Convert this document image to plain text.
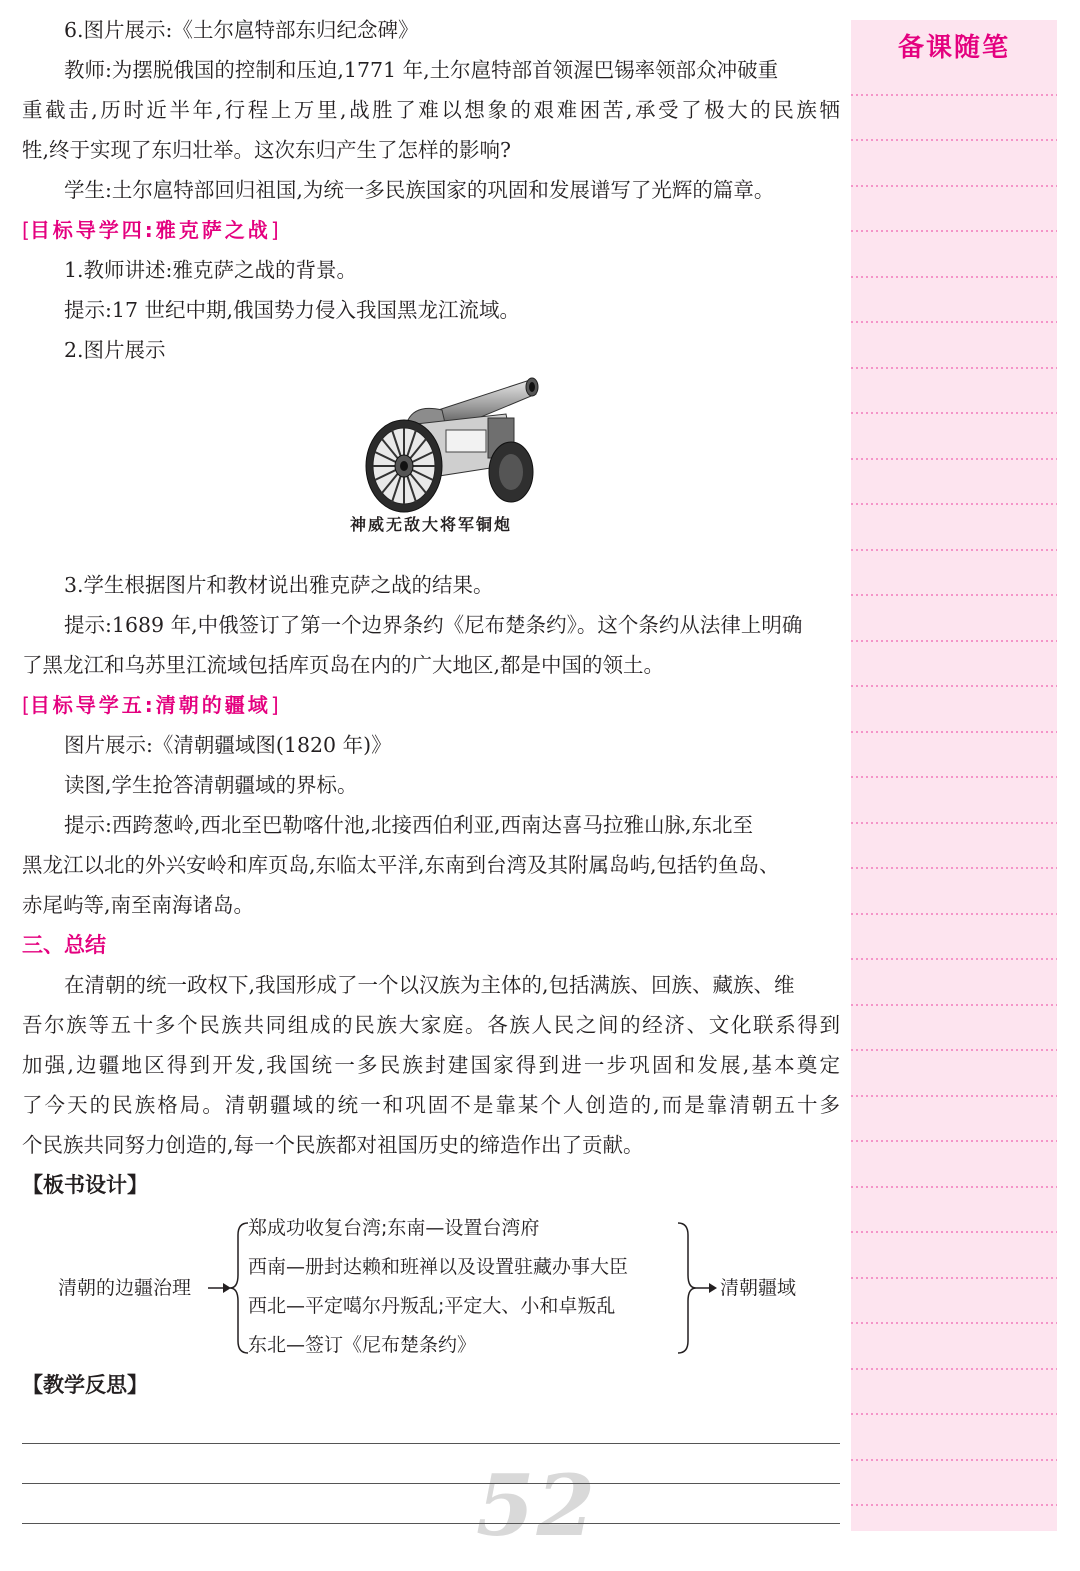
6.图片展示:《土尔扈特部东归纪念碑》
教师:为摆脱俄国的控制和压迫,1771 年,土尔扈特部首领渥巴锡率领部众冲破重
重截击,历时近半年,行程上万里,战胜了难以想象的艰难困苦,承受了极大的民族牺
牲,终于实现了东归壮举。这次东归产生了怎样的影响?
学生:土尔扈特部回归祖国,为统一多民族国家的巩固和发展谱写了光辉的篇章。
[目标导学四:雅克萨之战]
1.教师讲述:雅克萨之战的背景。
提示:17 世纪中期,俄国势力侵入我国黑龙江流域。
2.图片展示
神威无敌大将军铜炮
3.学生根据图片和教材说出雅克萨之战的结果。
提示:1689 年,中俄签订了第一个边界条约《尼布楚条约》。这个条约从法律上明确
了黑龙江和乌苏里江流域包括库页岛在内的广大地区,都是中国的领土。
[目标导学五:清朝的疆域]
图片展示:《清朝疆域图(1820 年)》
读图,学生抢答清朝疆域的界标。
提示:西跨葱岭,西北至巴勒喀什池,北接西伯利亚,西南达喜马拉雅山脉,东北至
黑龙江以北的外兴安岭和库页岛,东临太平洋,东南到台湾及其附属岛屿,包括钓鱼岛、
赤尾屿等,南至南海诸岛。
三、总结
在清朝的统一政权下,我国形成了一个以汉族为主体的,包括满族、回族、藏族、维
吾尔族等五十多个民族共同组成的民族大家庭。各族人民之间的经济、文化联系得到
加强,边疆地区得到开发,我国统一多民族封建国家得到进一步巩固和发展,基本奠定
了今天的民族格局。清朝疆域的统一和巩固不是靠某个人创造的,而是靠清朝五十多
个民族共同努力创造的,每一个民族都对祖国历史的缔造作出了贡献。
【板书设计】
清朝的边疆治理
郑成功收复台湾;东南—设置台湾府
西南—册封达赖和班禅以及设置驻藏办事大臣
西北—平定噶尔丹叛乱;平定大、小和卓叛乱
东北—签订《尼布楚条约》
清朝疆域
【教学反思】
52
备课随笔
